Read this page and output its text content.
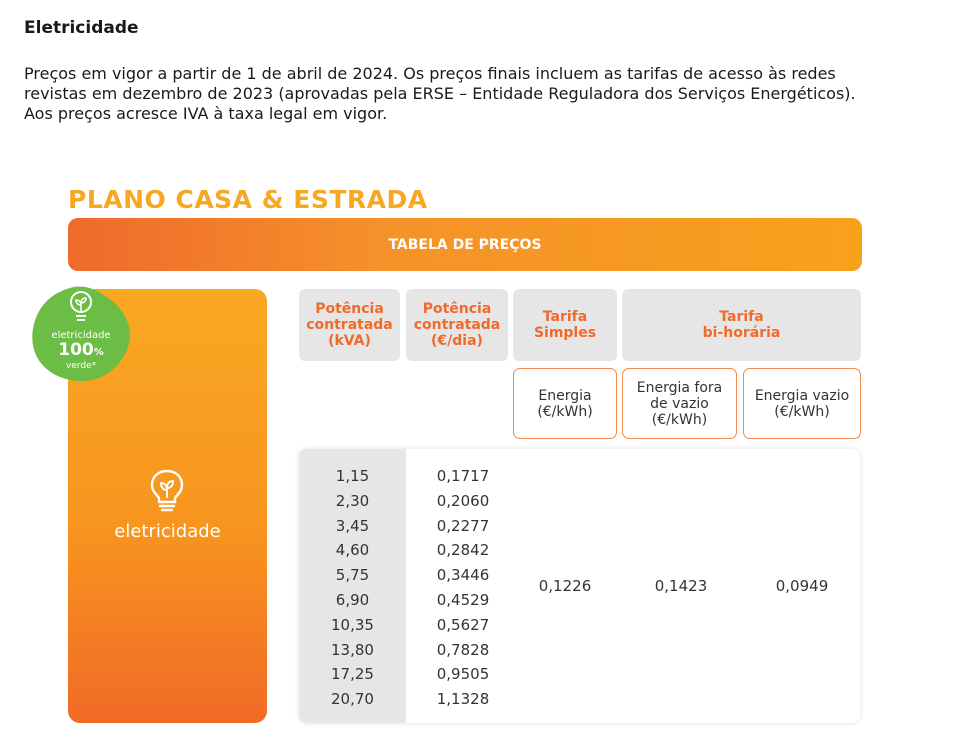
Eletricidade
Preços em vigor a partir de 1 de abril de 2024. Os preços finais incluem as tarifas de acesso às redes
revistas em dezembro de 2023 (aprovadas pela ERSE – Entidade Reguladora dos Serviços Energéticos).
Aos preços acresce IVA à taxa legal em vigor.
PLANO CASA & ESTRADA
TABELA DE PREÇOS
eletricidade
eletricidade
100%
verde*
Potência
contratada
(kVA)
Potência
contratada
(€/dia)
Tarifa
Simples
Tarifa
bi-horária
Energia
(€/kWh)
Energia fora
de vazio
(€/kWh)
Energia vazio
(€/kWh)
1,15
2,30
3,45
4,60
5,75
6,90
10,35
13,80
17,25
20,70
0,1717
0,2060
0,2277
0,2842
0,3446
0,4529
0,5627
0,7828
0,9505
1,1328
0,1226	0,1423	0,0949
